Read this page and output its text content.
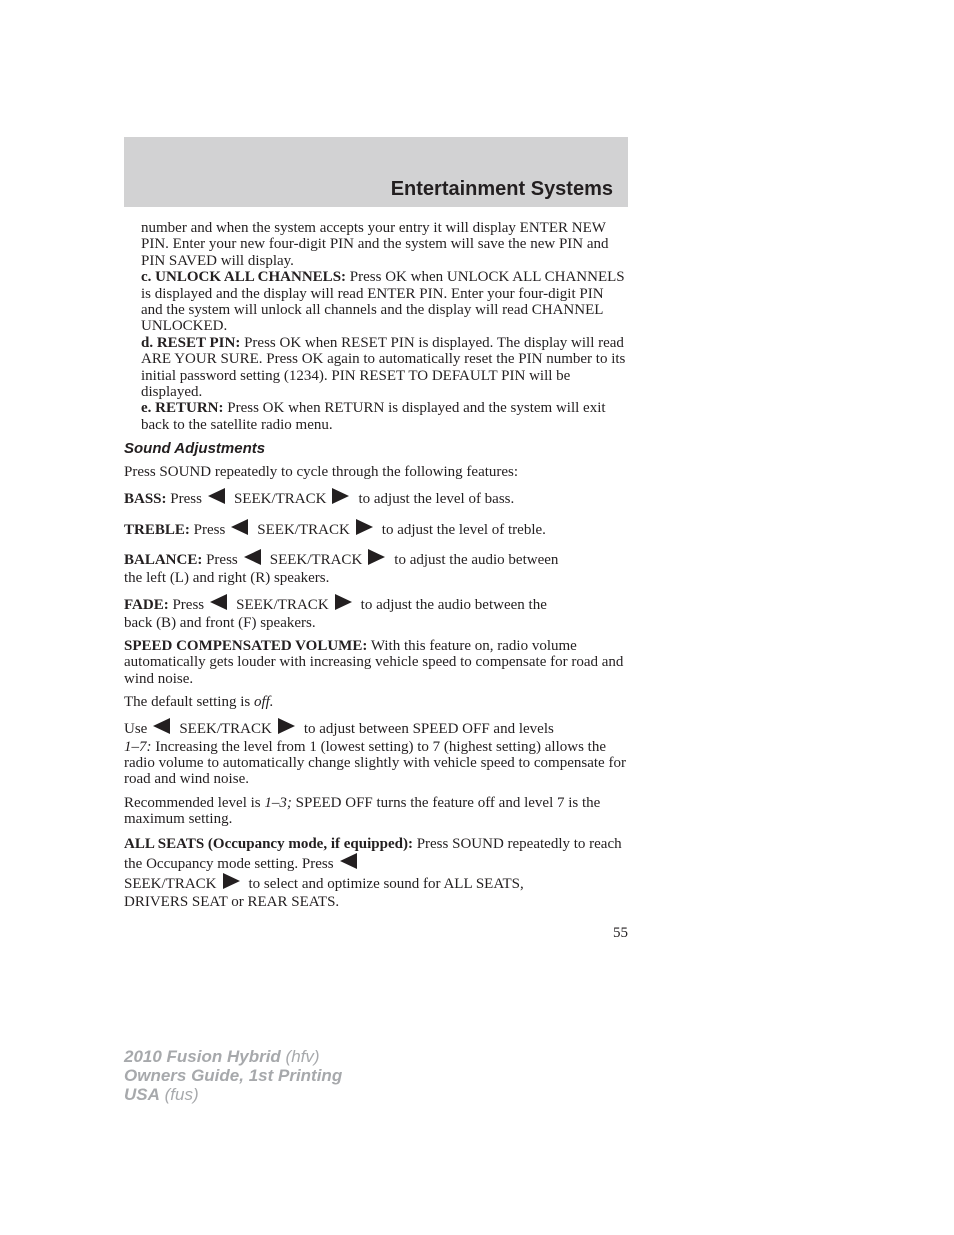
Entertainment Systems

number and when the system accepts your entry it will display ENTER NEW PIN. Enter your new four-digit PIN and the system will save the new PIN and PIN SAVED will display.

c. UNLOCK ALL CHANNELS: Press OK when UNLOCK ALL CHANNELS is displayed and the display will read ENTER PIN. Enter your four-digit PIN and the system will unlock all channels and the display will read CHANNEL UNLOCKED.

d. RESET PIN: Press OK when RESET PIN is displayed. The display will read ARE YOUR SURE. Press OK again to automatically reset the PIN number to its initial password setting (1234). PIN RESET TO DEFAULT PIN will be displayed.

e. RETURN: Press OK when RETURN is displayed and the system will exit back to the satellite radio menu.

Sound Adjustments

Press SOUND repeatedly to cycle through the following features:

BASS: Press SEEK/TRACK to adjust the level of bass.

TREBLE: Press SEEK/TRACK to adjust the level of treble.

BALANCE: Press SEEK/TRACK to adjust the audio between
the left (L) and right (R) speakers.

FADE: Press SEEK/TRACK to adjust the audio between the
back (B) and front (F) speakers.

SPEED COMPENSATED VOLUME: With this feature on, radio volume automatically gets louder with increasing vehicle speed to compensate for road and wind noise.

The default setting is off.

Use SEEK/TRACK to adjust between SPEED OFF and levels
1–7: Increasing the level from 1 (lowest setting) to 7 (highest setting) allows the radio volume to automatically change slightly with vehicle speed to compensate for road and wind noise.

Recommended level is 1–3; SPEED OFF turns the feature off and level 7 is the maximum setting.

ALL SEATS (Occupancy mode, if equipped): Press SOUND repeatedly to reach the Occupancy mode setting. Press
SEEK/TRACK to select and optimize sound for ALL SEATS,
DRIVERS SEAT or REAR SEATS.

55
2010 Fusion Hybrid (hfv)
Owners Guide, 1st Printing
USA (fus)
